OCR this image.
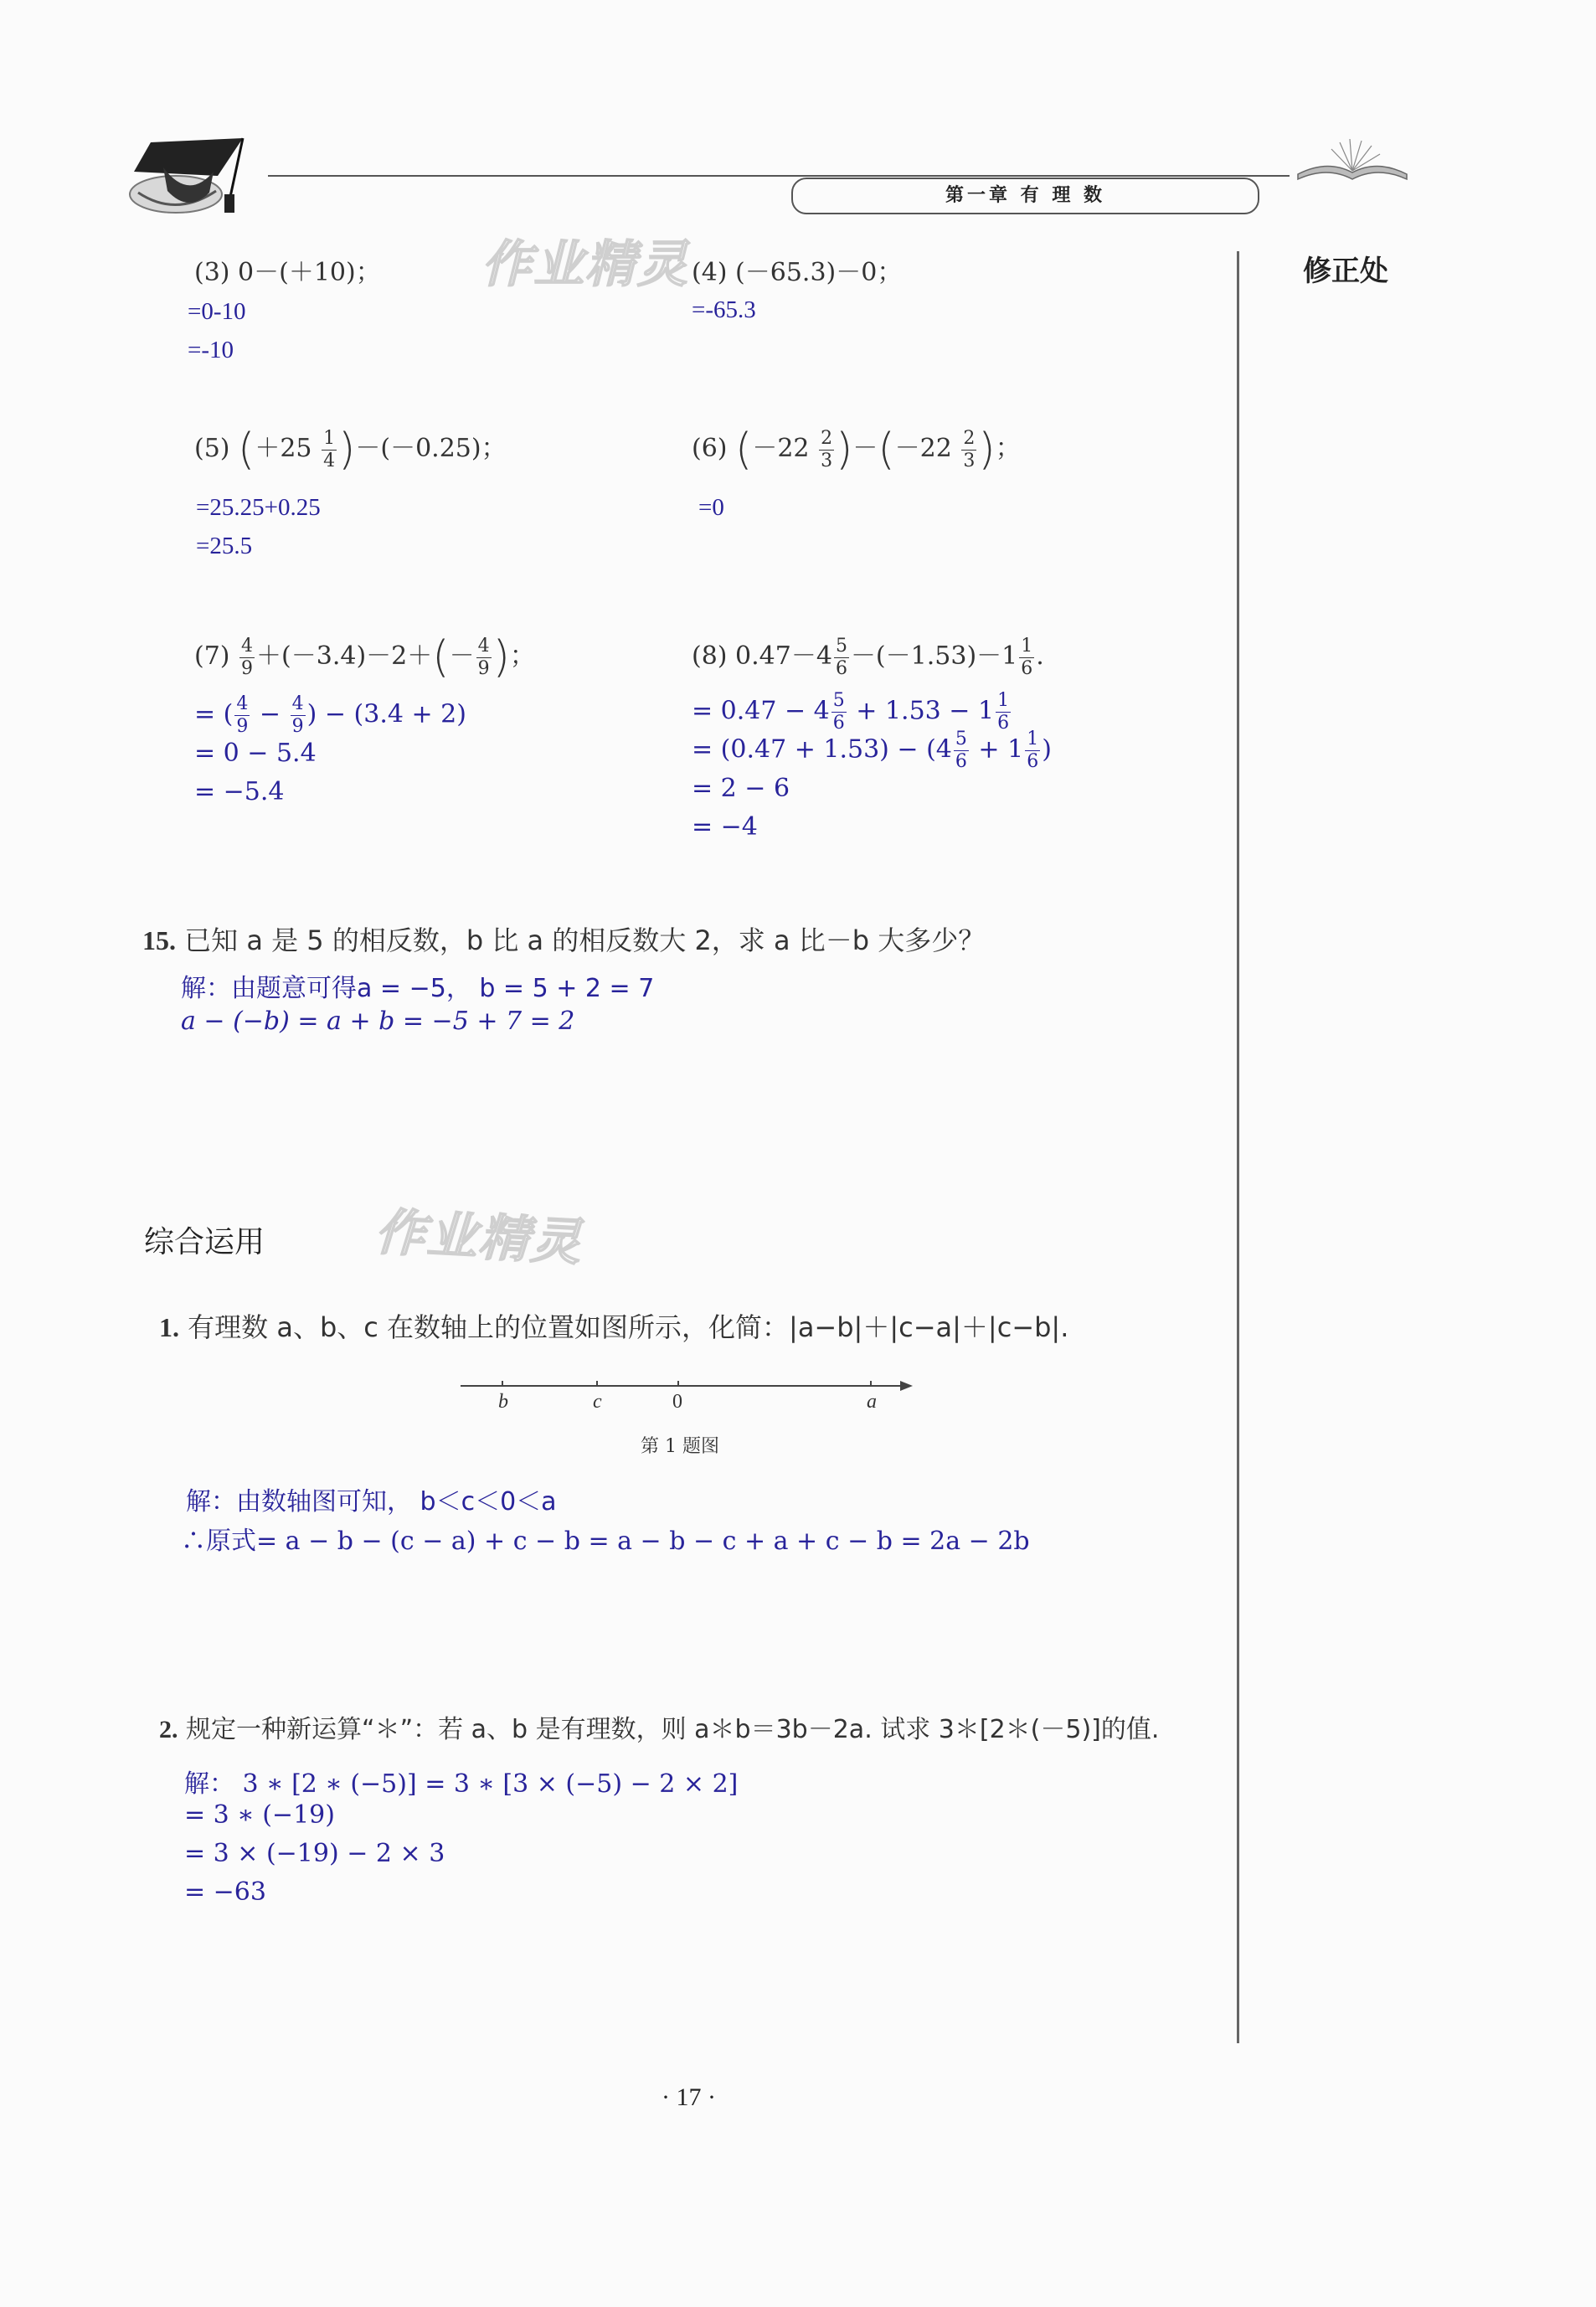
第一章 有 理 数
修正处
作业精灵
作业精灵
(3) 0－(＋10)；
=0-10
=-10
(4) (－65.3)－0；
=-65.3
(5) $(+25 \frac{1}{4} )-(-0.25)$；
=25.25+0.25
=25.5
(6) $(-22 \frac{2}{3} )-(-22 \frac{2}{3}$ )；
=0
$(7) \frac{4}{9} +(-3.4)-2+(- \frac{4}{9}$ )；
= ( $\frac{4}{9} - \frac{4}{9}$ ) − (3.4 + 2)
= 0 − 5.4
= −5.4
(8) $0.47-4 \frac{5}{6} -(-1.53)-1 \frac{1}{6}$ .
= $0.47 - 4 \frac{5}{6} + 1.53 - 1 \frac{1}{6}$
= $(0.47 + 1.53) - (4 \frac{5}{6} + 1 \frac{1}{6}$ )
= 2 − 6
= −4
15. 已知 a 是 5 的相反数，b 比 a 的相反数大 2，求 a 比－b 大多少？
解：由题意可得a = −5， b = 5 + 2 = 7
a − (−b) = a + b = −5 + 7 = 2
综合运用
1. 有理数 a、b、c 在数轴上的位置如图所示，化简：|a−b|＋|c−a|＋|c−b|.
b	c	0	a
第 1 题图
解：由数轴图可知， b＜c＜0＜a
∴原式= a − b − (c − a) + c − b = a − b − c + a + c − b = 2a − 2b
2. 规定一种新运算“＊”：若 a、b 是有理数，则 a＊b＝3b－2a. 试求 3＊[2＊(－5)]的值.
解： 3 ∗ [2 ∗ (−5)] = 3 ∗ [3 × (−5) − 2 × 2]
= 3 ∗ (−19)
= 3 × (−19) − 2 × 3
= −63
· 17 ·
